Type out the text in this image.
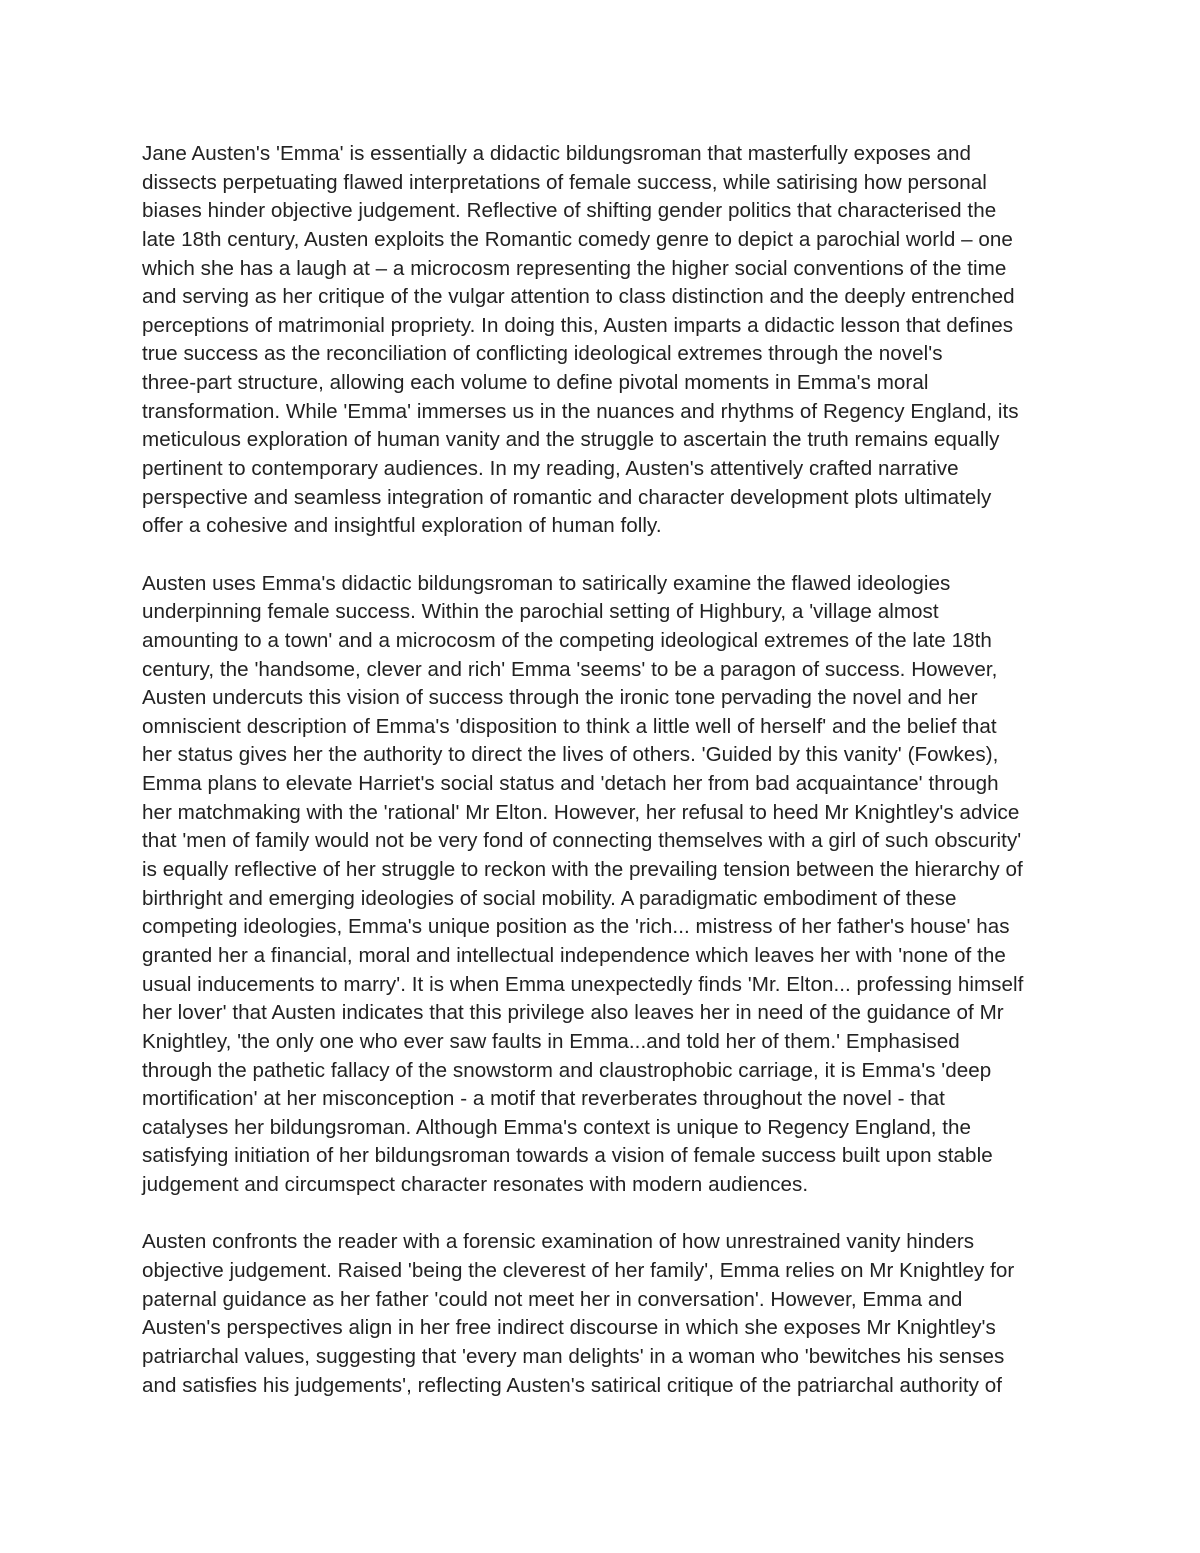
Jane Austen's 'Emma' is essentially a didactic bildungsroman that masterfully exposes and
dissects perpetuating flawed interpretations of female success, while satirising how personal
biases hinder objective judgement. Reflective of shifting gender politics that characterised the
late 18th century, Austen exploits the Romantic comedy genre to depict a parochial world – one
which she has a laugh at – a microcosm representing the higher social conventions of the time
and serving as her critique of the vulgar attention to class distinction and the deeply entrenched
perceptions of matrimonial propriety. In doing this, Austen imparts a didactic lesson that defines
true success as the reconciliation of conflicting ideological extremes through the novel's
three-part structure, allowing each volume to define pivotal moments in Emma's moral
transformation. While 'Emma' immerses us in the nuances and rhythms of Regency England, its
meticulous exploration of human vanity and the struggle to ascertain the truth remains equally
pertinent to contemporary audiences. In my reading, Austen's attentively crafted narrative
perspective and seamless integration of romantic and character development plots ultimately
offer a cohesive and insightful exploration of human folly.
Austen uses Emma's didactic bildungsroman to satirically examine the flawed ideologies
underpinning female success. Within the parochial setting of Highbury, a 'village almost
amounting to a town' and a microcosm of the competing ideological extremes of the late 18th
century, the 'handsome, clever and rich' Emma 'seems' to be a paragon of success. However,
Austen undercuts this vision of success through the ironic tone pervading the novel and her
omniscient description of Emma's 'disposition to think a little well of herself' and the belief that
her status gives her the authority to direct the lives of others. 'Guided by this vanity' (Fowkes),
Emma plans to elevate Harriet's social status and 'detach her from bad acquaintance' through
her matchmaking with the 'rational' Mr Elton. However, her refusal to heed Mr Knightley's advice
that 'men of family would not be very fond of connecting themselves with a girl of such obscurity'
is equally reflective of her struggle to reckon with the prevailing tension between the hierarchy of
birthright and emerging ideologies of social mobility. A paradigmatic embodiment of these
competing ideologies, Emma's unique position as the 'rich... mistress of her father's house' has
granted her a financial, moral and intellectual independence which leaves her with 'none of the
usual inducements to marry'. It is when Emma unexpectedly finds 'Mr. Elton... professing himself
her lover' that Austen indicates that this privilege also leaves her in need of the guidance of Mr
Knightley, 'the only one who ever saw faults in Emma...and told her of them.' Emphasised
through the pathetic fallacy of the snowstorm and claustrophobic carriage, it is Emma's 'deep
mortification' at her misconception - a motif that reverberates throughout the novel - that
catalyses her bildungsroman. Although Emma's context is unique to Regency England, the
satisfying initiation of her bildungsroman towards a vision of female success built upon stable
judgement and circumspect character resonates with modern audiences.
Austen confronts the reader with a forensic examination of how unrestrained vanity hinders
objective judgement. Raised 'being the cleverest of her family', Emma relies on Mr Knightley for
paternal guidance as her father 'could not meet her in conversation'. However, Emma and
Austen's perspectives align in her free indirect discourse in which she exposes Mr Knightley's
patriarchal values, suggesting that 'every man delights' in a woman who 'bewitches his senses
and satisfies his judgements', reflecting Austen's satirical critique of the patriarchal authority of
